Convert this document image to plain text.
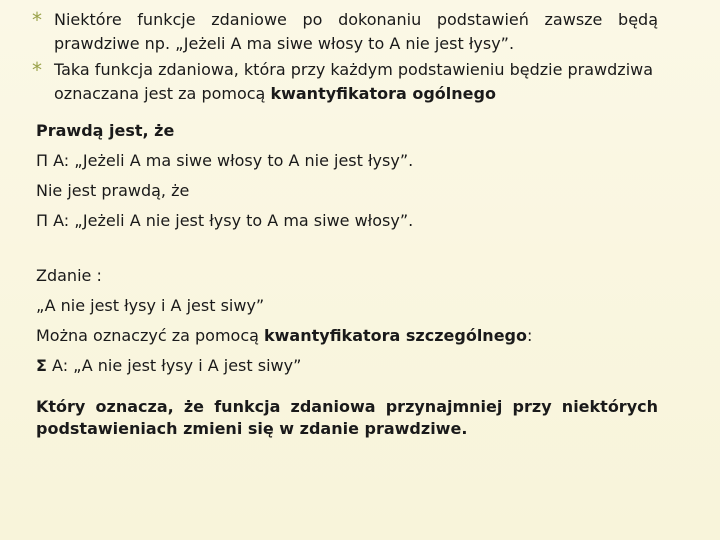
* Niektóre funkcje zdaniowe po dokonaniu podstawień zawsze będą prawdziwe np. „Jeżeli A ma siwe włosy to A nie jest łysy”.

* Taka funkcja zdaniowa, która przy każdym podstawieniu będzie prawdziwa oznaczana jest za pomocą kwantyfikatora ogólnego

Prawdą jest, że

Π A: „Jeżeli A ma siwe włosy to A nie jest łysy”.

Nie jest prawdą, że

Π A: „Jeżeli A nie jest łysy to A ma siwe włosy”.

Zdanie :

„A nie jest łysy i A jest siwy”

Można oznaczyć za pomocą kwantyfikatora szczególnego:

Σ A: „A nie jest łysy i A jest siwy”

Który oznacza, że funkcja zdaniowa przynajmniej przy niektórych podstawieniach zmieni się w zdanie prawdziwe.
